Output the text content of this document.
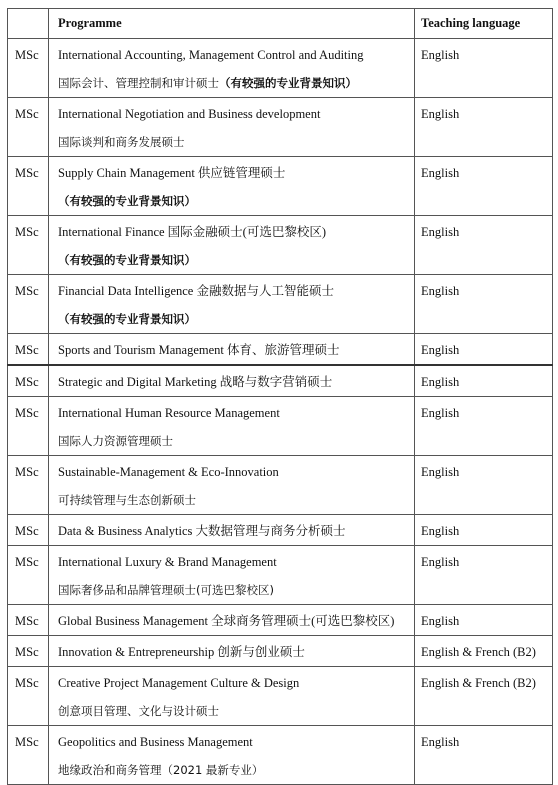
	Programme	Teaching language
MSc	International Accounting, Management Control and Auditing
国际会计、管理控制和审计硕士（有较强的专业背景知识）	English
MSc	International Negotiation and Business development
国际谈判和商务发展硕士	English
MSc	Supply Chain Management 供应链管理硕士
（有较强的专业背景知识）	English
MSc	International Finance 国际金融硕士(可选巴黎校区)
（有较强的专业背景知识）	English
MSc	Financial Data Intelligence 金融数据与人工智能硕士
（有较强的专业背景知识）	English
MSc	Sports and Tourism Management 体育、旅游管理硕士	English
MSc	Strategic and Digital Marketing 战略与数字营销硕士	English
MSc	International Human Resource Management
国际人力资源管理硕士	English
MSc	Sustainable-Management & Eco-Innovation
可持续管理与生态创新硕士	English
MSc	Data & Business Analytics 大数据管理与商务分析硕士	English
MSc	International Luxury & Brand Management
国际奢侈品和品牌管理硕士(可选巴黎校区)	English
MSc	Global Business Management 全球商务管理硕士(可选巴黎校区)	English
MSc	Innovation & Entrepreneurship 创新与创业硕士	English & French (B2)
MSc	Creative Project Management Culture & Design
创意项目管理、文化与设计硕士	English & French (B2)
MSc	Geopolitics and Business Management
地缘政治和商务管理（2021 最新专业）	English
